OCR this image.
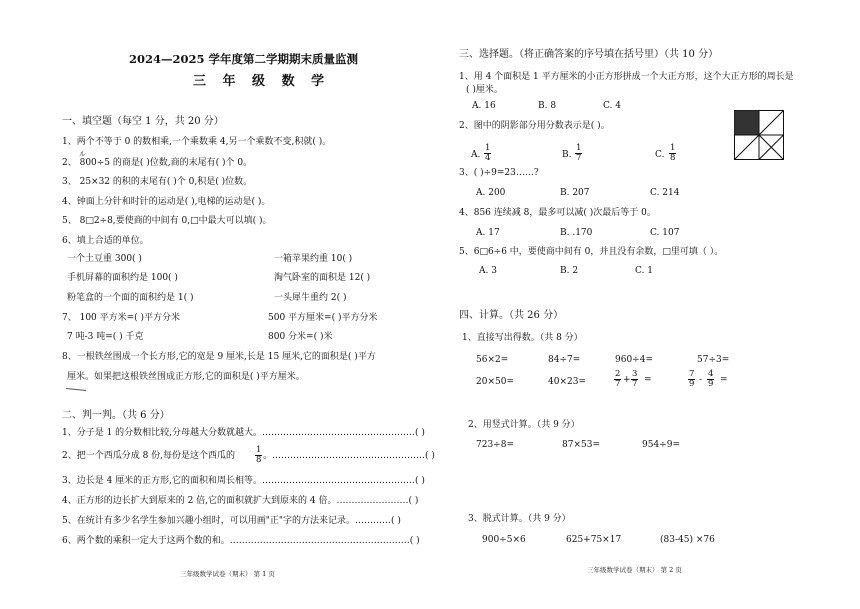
2024—2025 学年度第二学期期末质量监测
三 年 级 数 学
一、填空题（每空 1 分，共 20 分）
1、两个不等于 0 的数相乘,一个乘数乘 4,另一个乘数不变,积就( )。
ル
2、 800÷5 的商是( )位数,商的末尾有( )个 0。
3、 25×32 的积的末尾有( )个 0,积是( )位数。
4、钟面上分针和时针的运动是( ),电梯的运动是( )。
5、 8□2÷8,要使商的中间有 0,□中最大可以填( )。
6、填上合适的单位。
一个土豆重 300( )	一箱苹果约重 10( )
手机屏幕的面积约是 100( )	淘气卧室的面积是 12( )
粉笔盒的一个面的面积约是 1( )	一头犀牛重约 2( )
7、 100 平方米=( )平方分米	500 平方厘米=( )平方分米
7 吨-3 吨=( ) 千克	800 分米=( )米
8、一根铁丝围成一个长方形,它的宽是 9 厘米,长是 15 厘米,它的面积是( )平方
厘米。如果把这根铁丝围成正方形,它的面积是( )平方厘米。
二、判一判。（共 6 分）
1、分子是 1 的分数相比较,分母越大分数就越大。……………………………………………( )
2、把一个西瓜分成 8 份,每份是这个西瓜的 $\frac{1}{8}$ 。……………………………………………( )
3、边长是 4 厘米的正方形,它的面积和周长相等。……………………………………………( )
4、正方形的边长扩大到原来的 2 倍,它的面积就扩大到原来的 4 倍。……………………( )
5、在统计有多少名学生参加兴趣小组时，可以用画"正"字的方法来记录。…………( )
6、两个数的乘积一定大于这两个数的和。……………………………………………………( )
三年级数学试卷（期末） 第 1 页
三、选择题。（将正确答案的序号填在括号里）（共 10 分）
1、用 4 个面积是 1 平方厘米的小正方形拼成一个大正方形，这个大正方形的周长是
( )厘米。
A. 16	B. 8	C. 4
2、图中的阴影部分用分数表示是( )。
A. $\frac{1}{4}$	B. $\frac{1}{7}$	C. $\frac{1}{8}$
3、( )÷9=23……?
A. 200	B. 207	C. 214
4、856 连续减 8，最多可以减( )次最后等于 0。
A. 17	B. .170	C. 107
5、6□6÷6 中，要使商中间有 0，并且没有余数，□里可填（ ）。
A. 3	B. 2	C. 1
四、计算。（共 26 分）
1、直接写出得数。（共 8 分）
56×2=	84÷7=	960÷4=	57÷3=
20×50=	40×23=	$\frac{2}{7} + \frac{3}{7}$ =	$\frac{7}{9} - \frac{4}{9}$ =
2、用竖式计算。（共 9 分）
723÷8=	87×53=	954÷9=
3、脱式计算。（共 9 分）
900÷5×6	625+75×17	(83-45) ×76
三年级数学试卷（期末） 第 2 页
